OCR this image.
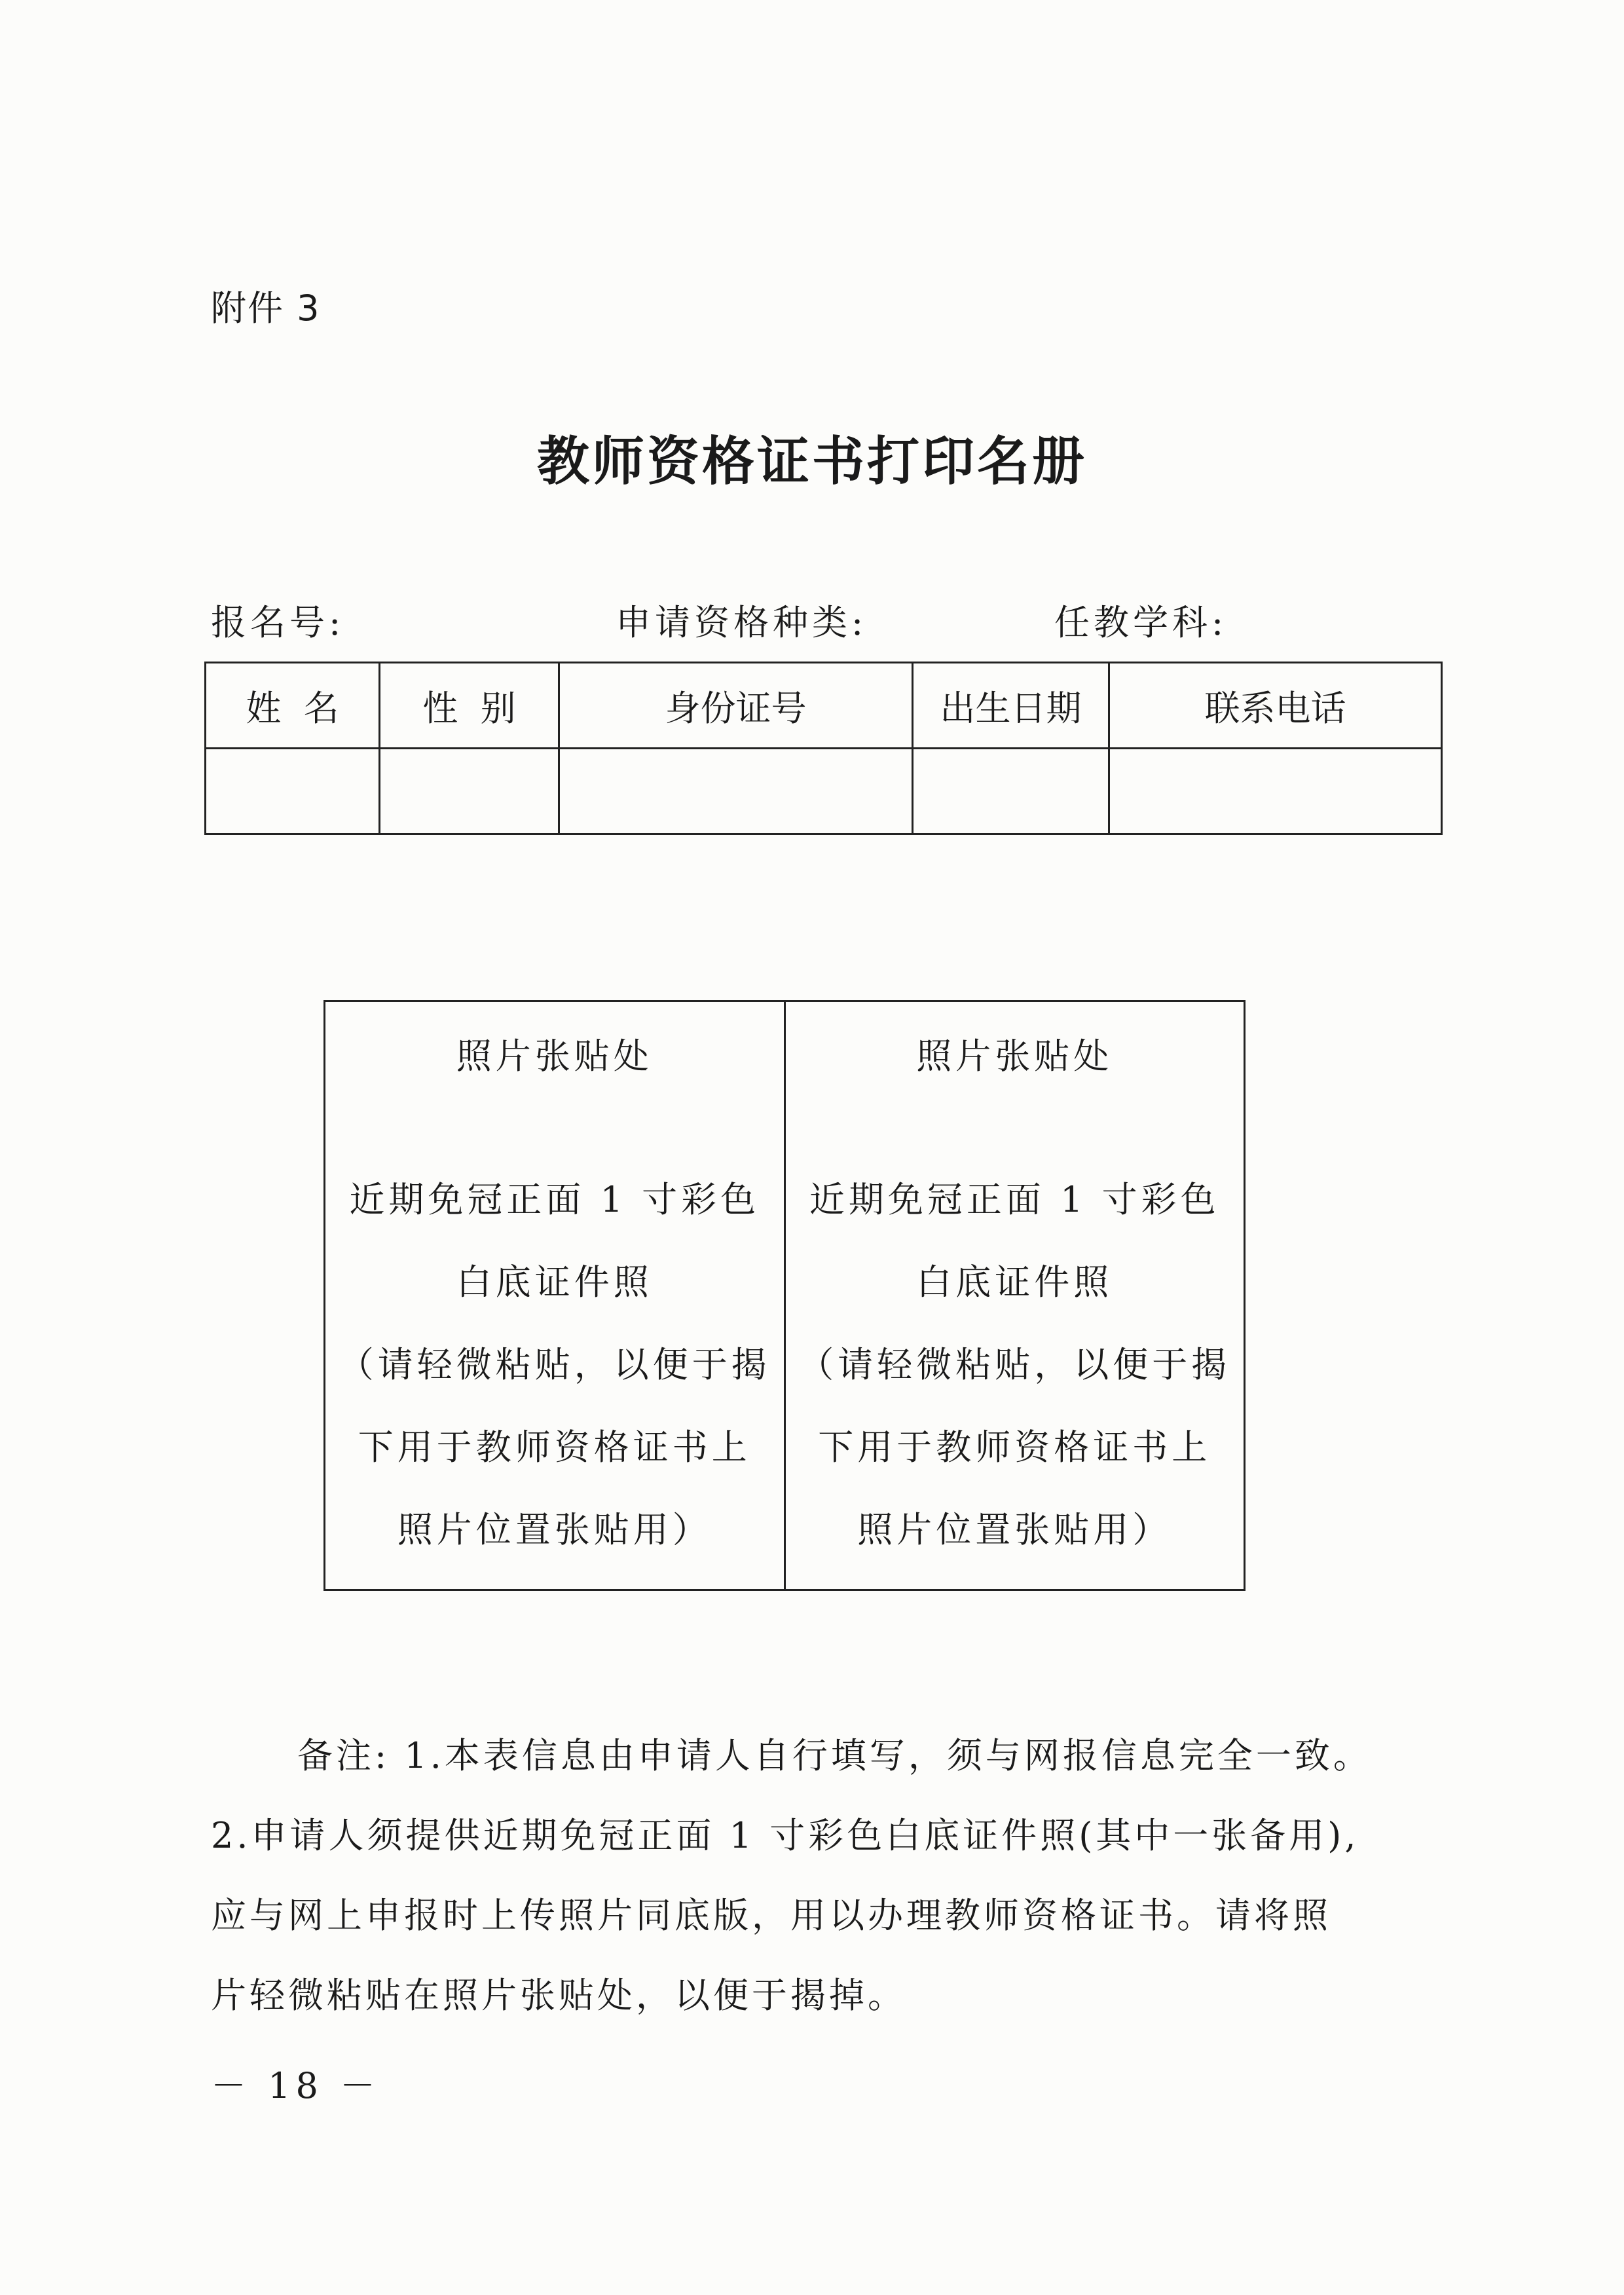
附件 3
教师资格证书打印名册
报名号:	申请资格种类:	任教学科:
姓  名	性  别	身份证号	出生日期	联系电话

照片张贴处
近期免冠正面 1 寸彩色
白底证件照
（请轻微粘贴，以便于揭
下用于教师资格证书上
照片位置张贴用）

照片张贴处
近期免冠正面 1 寸彩色
白底证件照
（请轻微粘贴，以便于揭
下用于教师资格证书上
照片位置张贴用）

备注: 1.本表信息由申请人自行填写，须与网报信息完全一致。

2.申请人须提供近期免冠正面 1 寸彩色白底证件照(其中一张备用),

应与网上申报时上传照片同底版，用以办理教师资格证书。请将照

片轻微粘贴在照片张贴处，以便于揭掉。

－ 18 －
